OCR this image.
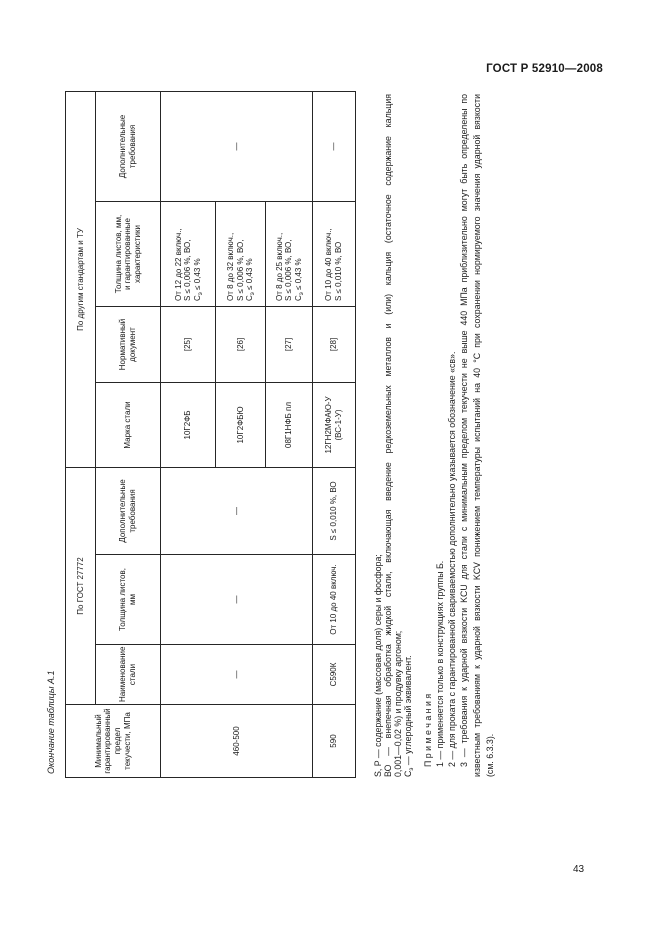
ГОСТ Р 52910—2008
Окончание таблицы А.1	Минимальный гарантированный предел текучести, МПа	По ГОСТ 27772			По другим стандартам и ТУ			

	Наименование стали	Толщина листов, мм	Дополнительные требования	Марка стали	Нормативный документ	Толщина листов, мм, и гарантированные характеристики	Дополнительные требования

460-500	—	—	—	10Г2ФБ	[25]	От 12 до 22 включ., S ≤ 0,006 %, ВО, $С_э \le 0,43$ %	—
				10Г2ФБЮ	[26]	От 8 до 32 включ., S ≤ 0,006 %, ВО, $С_э \le 0,43$ %	

				08Г1НФБ пл	[27]	От 8 до 25 включ., S ≤ 0,006 %, ВО, $С_э \le 0,43$ %	

590	С590К	От 10 до 40 включ.	S ≤ 0,010 %, ВО	12ГН2МФАЮ-У (ВС-1-У)	[28]	От 10 до 40 включ., S ≤ 0,010 %, ВО	—
S, P — содержание (массовая доля) серы и фосфора; ВО — внепечная обработка жидкой стали, включающая введение редкоземельных металлов и (или) кальция (остаточное содержание кальция 0,001—0,02 %) и продувку аргоном; $С_э$ — углеродный эквивалент. П р и м е ч а н и я 1 — применяется только в конструкциях группы Б. 2 — для проката с гарантированной свариваемостью дополнительно указывается обозначение «св». 3 — требования к ударной вязкости KCU для стали с минимальным пределом текучести не выше 440 МПа приблизительно могут быть определены по известным требованиям к ударной вязкости KCV понижением температуры испытаний на 40 °С при сохранении нормируемого значения ударной вязкости (см. 6.3.3).
43
